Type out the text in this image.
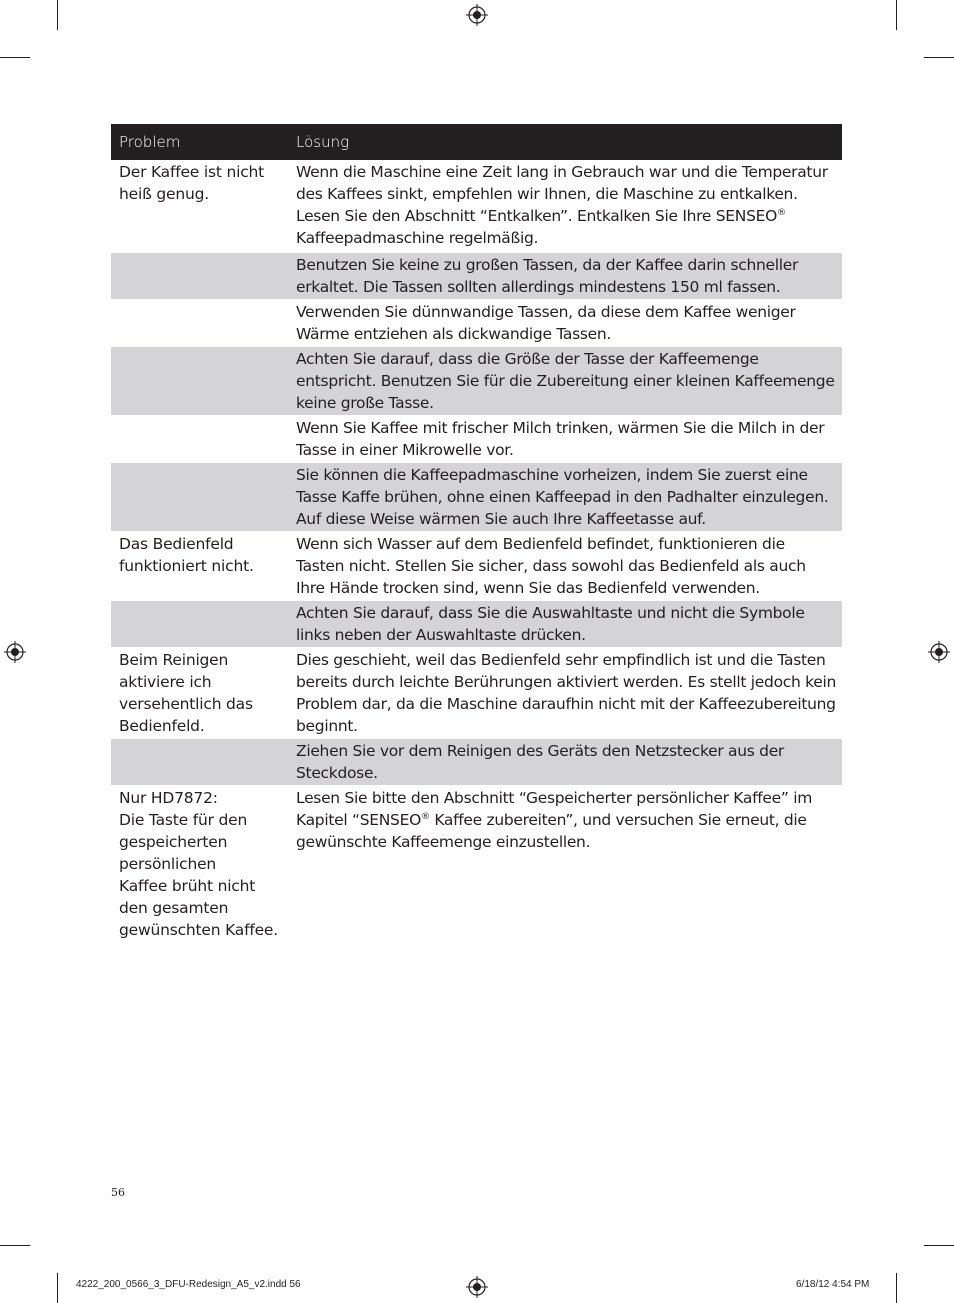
Problem	Lösung
Der Kaffee ist nicht
heiß genug.
Wenn die Maschine eine Zeit lang in Gebrauch war und die Temperatur des Kaffees sinkt, empfehlen wir Ihnen, die Maschine zu entkalken. Lesen Sie den Abschnitt “Entkalken”. Entkalken Sie Ihre SENSEO® Kaffeepadmaschine regelmäßig.
Benutzen Sie keine zu großen Tassen, da der Kaffee darin schneller erkaltet. Die Tassen sollten allerdings mindestens 150 ml fassen.
Verwenden Sie dünnwandige Tassen, da diese dem Kaffee weniger Wärme entziehen als dickwandige Tassen.
Achten Sie darauf, dass die Größe der Tasse der Kaffeemenge entspricht. Benutzen Sie für die Zubereitung einer kleinen Kaffeemenge keine große Tasse.
Wenn Sie Kaffee mit frischer Milch trinken, wärmen Sie die Milch in der Tasse in einer Mikrowelle vor.
Sie können die Kaffeepadmaschine vorheizen, indem Sie zuerst eine Tasse Kaffe brühen, ohne einen Kaffeepad in den Padhalter einzulegen. Auf diese Weise wärmen Sie auch Ihre Kaffeetasse auf.
Das Bedienfeld
funktioniert nicht.
Wenn sich Wasser auf dem Bedienfeld befindet, funktionieren die Tasten nicht. Stellen Sie sicher, dass sowohl das Bedienfeld als auch Ihre Hände trocken sind, wenn Sie das Bedienfeld verwenden.
Achten Sie darauf, dass Sie die Auswahltaste und nicht die Symbole links neben der Auswahltaste drücken.
Beim Reinigen
aktiviere ich
versehentlich das
Bedienfeld.
Dies geschieht, weil das Bedienfeld sehr empfindlich ist und die Tasten bereits durch leichte Berührungen aktiviert werden. Es stellt jedoch kein Problem dar, da die Maschine daraufhin nicht mit der Kaffeezubereitung beginnt.
Ziehen Sie vor dem Reinigen des Geräts den Netzstecker aus der Steckdose.
Nur HD7872:
Die Taste für den
gespeicherten
persönlichen
Kaffee brüht nicht
den gesamten
gewünschten Kaffee.
Lesen Sie bitte den Abschnitt “Gespeicherter persönlicher Kaffee” im Kapitel “SENSEO® Kaffee zubereiten”, und versuchen Sie erneut, die gewünschte Kaffeemenge einzustellen.
56
4222_200_0566_3_DFU-Redesign_A5_v2.indd 56	6/18/12 4:54 PM
